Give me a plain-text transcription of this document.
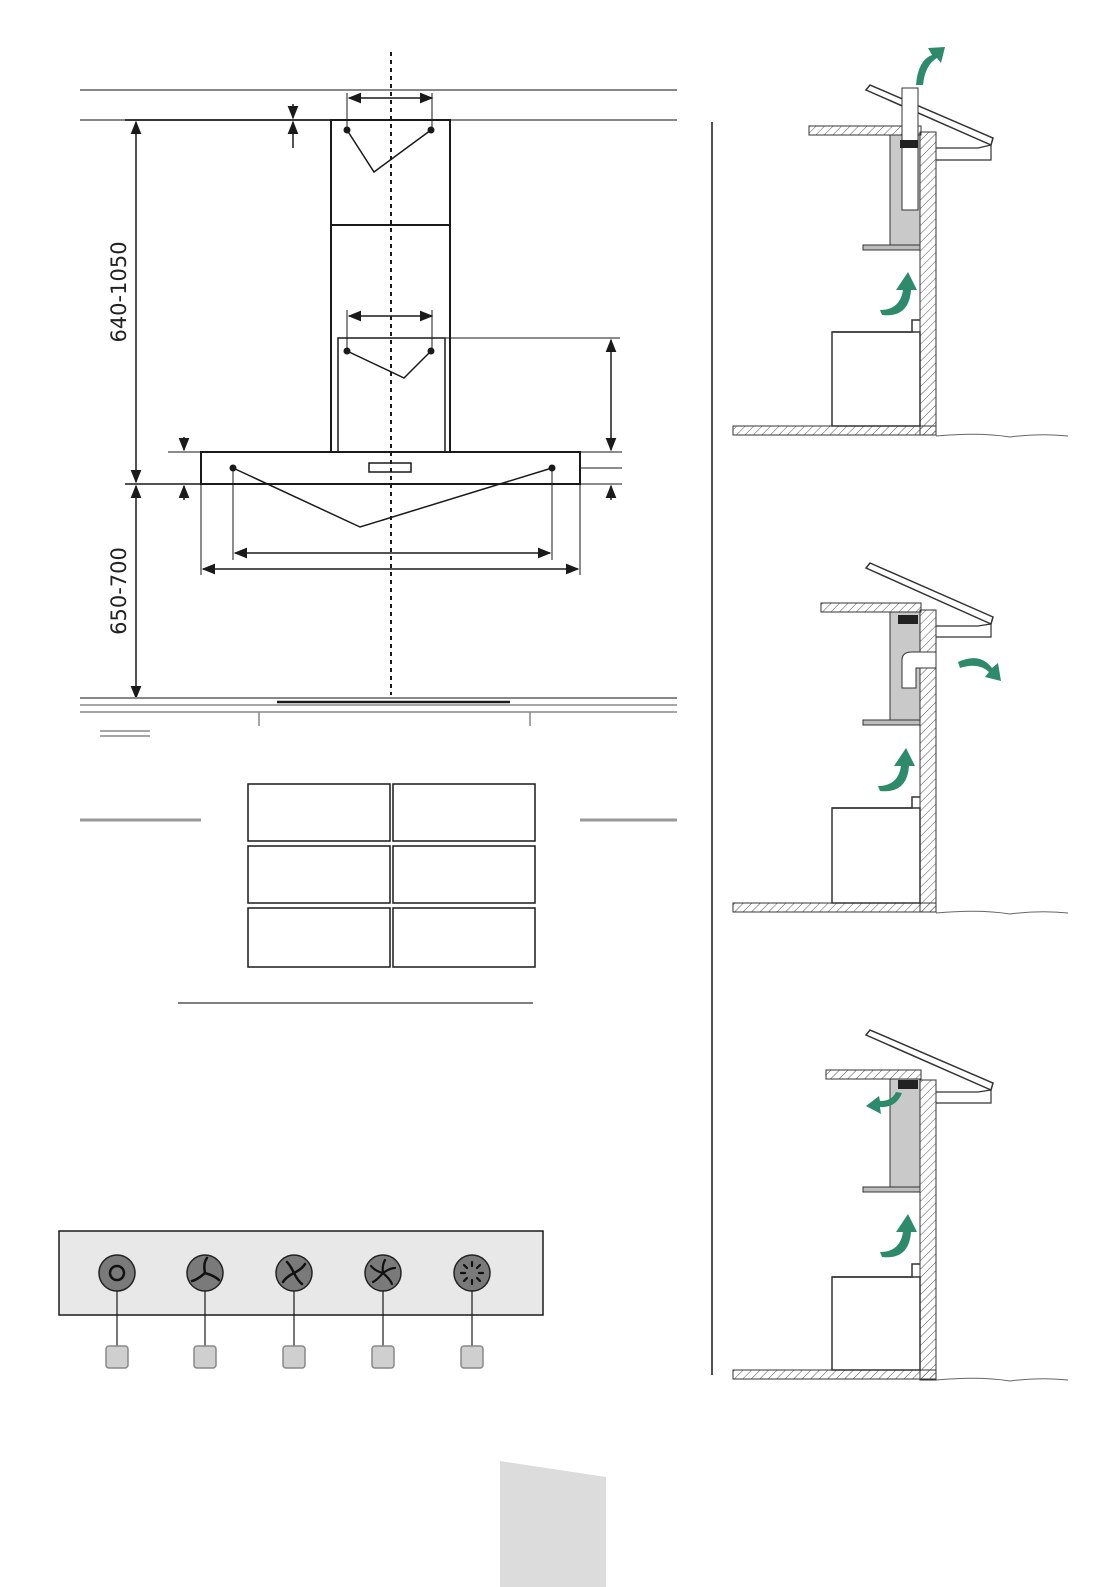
640-1050
650-700
